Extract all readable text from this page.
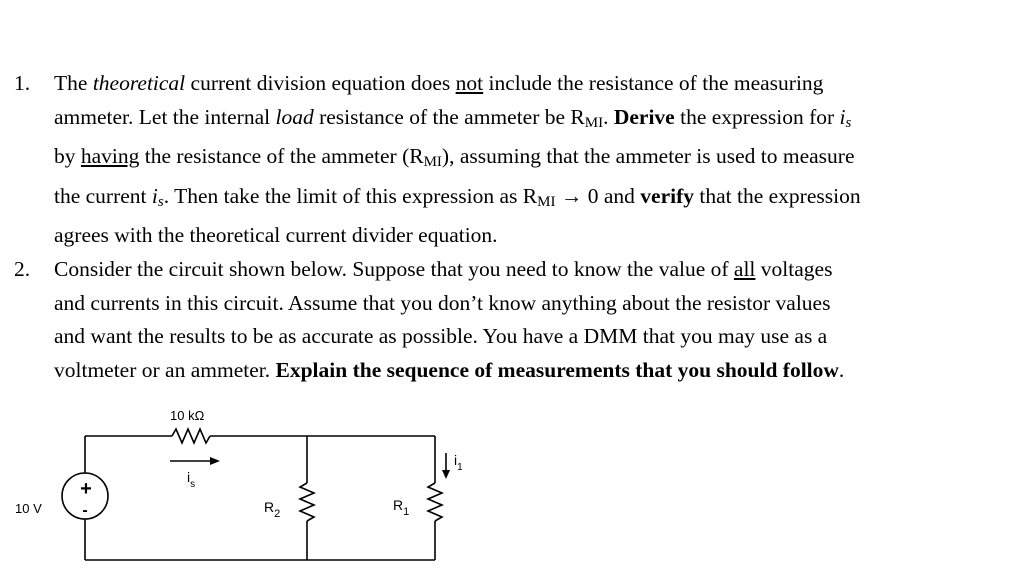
1.	The theoretical current division equation does not include the resistance of the measuring
ammeter. Let the internal load resistance of the ammeter be $R_{MI}$. Derive the expression for $i_s$
by having the resistance of the ammeter $(R_{MI})$, assuming that the ammeter is used to measure
the current $i_s$. Then take the limit of this expression as $R_{MI} \to 0$ and verify that the expression
agrees with the theoretical current divider equation.
2.	Consider the circuit shown below. Suppose that you need to know the value of all voltages
and currents in this circuit. Assume that you don’t know anything about the resistor values
and want the results to be as accurate as possible. You have a DMM that you may use as a
voltmeter or an ammeter. Explain the sequence of measurements that you should follow.
+
-
10 V
10 kΩ
$i_s$
$R_2$
$R_1$
$i_1$
